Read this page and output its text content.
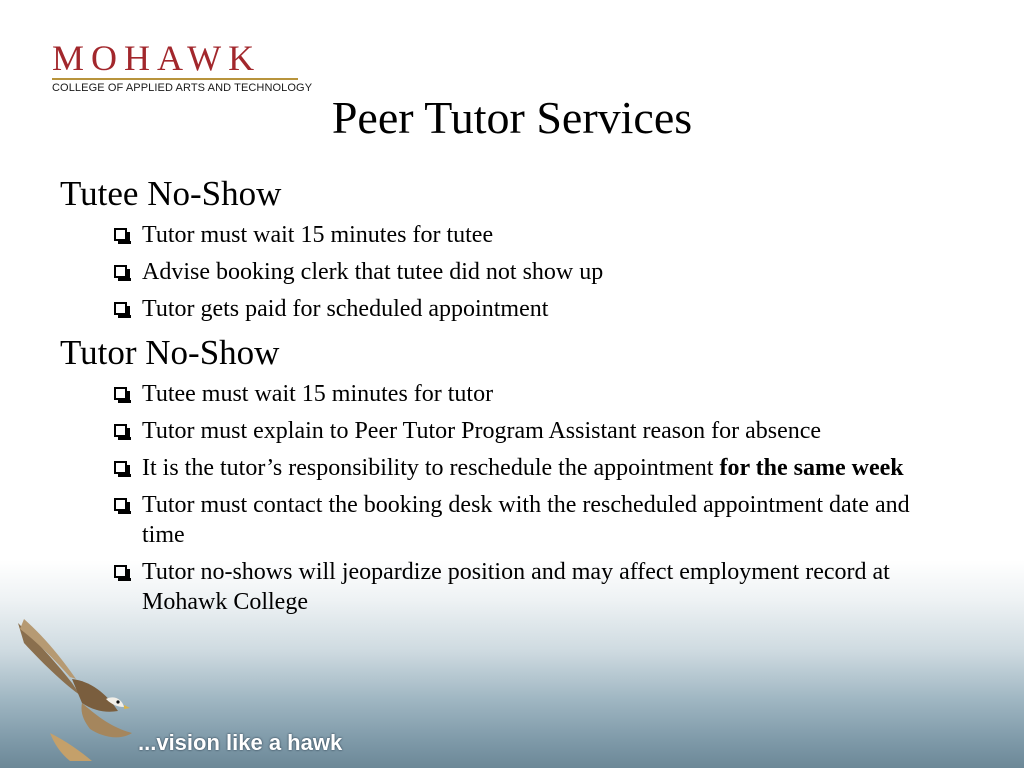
MOHAWK
COLLEGE OF APPLIED ARTS AND TECHNOLOGY
Peer Tutor Services
Tutee No-Show
Tutor must wait 15 minutes for tutee
Advise booking clerk that tutee did not show up
Tutor gets paid for scheduled appointment
Tutor No-Show
Tutee must wait 15 minutes for tutor
Tutor must explain to Peer Tutor Program Assistant reason for absence
It is the tutor’s responsibility to reschedule the appointment for the same week
Tutor must contact the booking desk with the rescheduled appointment date and time
Tutor no-shows will jeopardize position and may affect employment record at Mohawk College
...vision like a hawk
